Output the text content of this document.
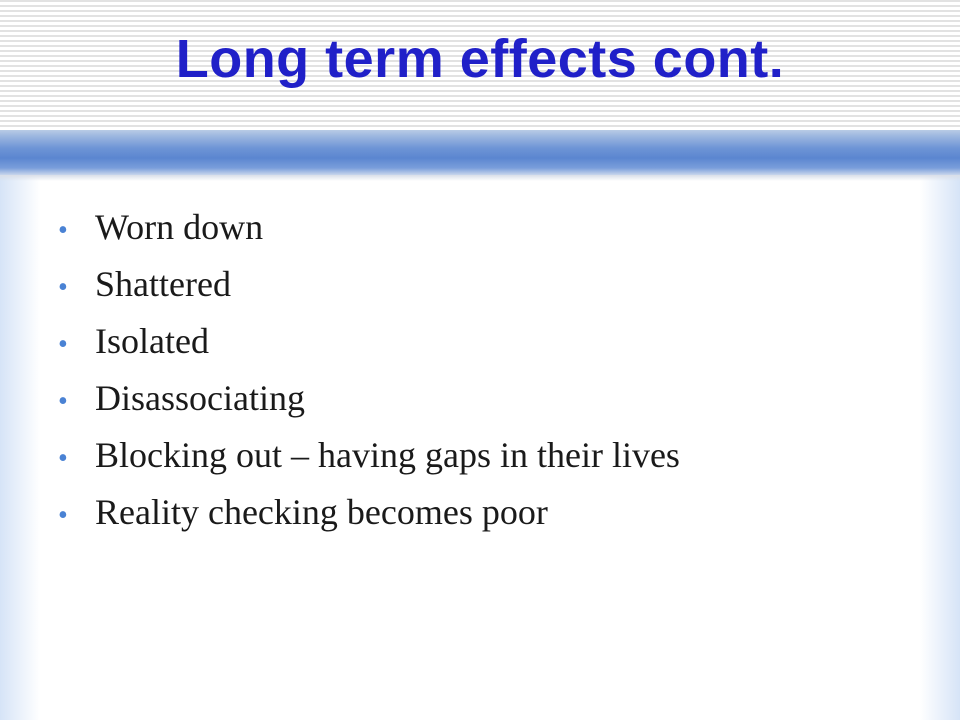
Long term effects cont.
• Worn down
• Shattered
• Isolated
• Disassociating
• Blocking out – having gaps in their lives
• Reality checking becomes poor
